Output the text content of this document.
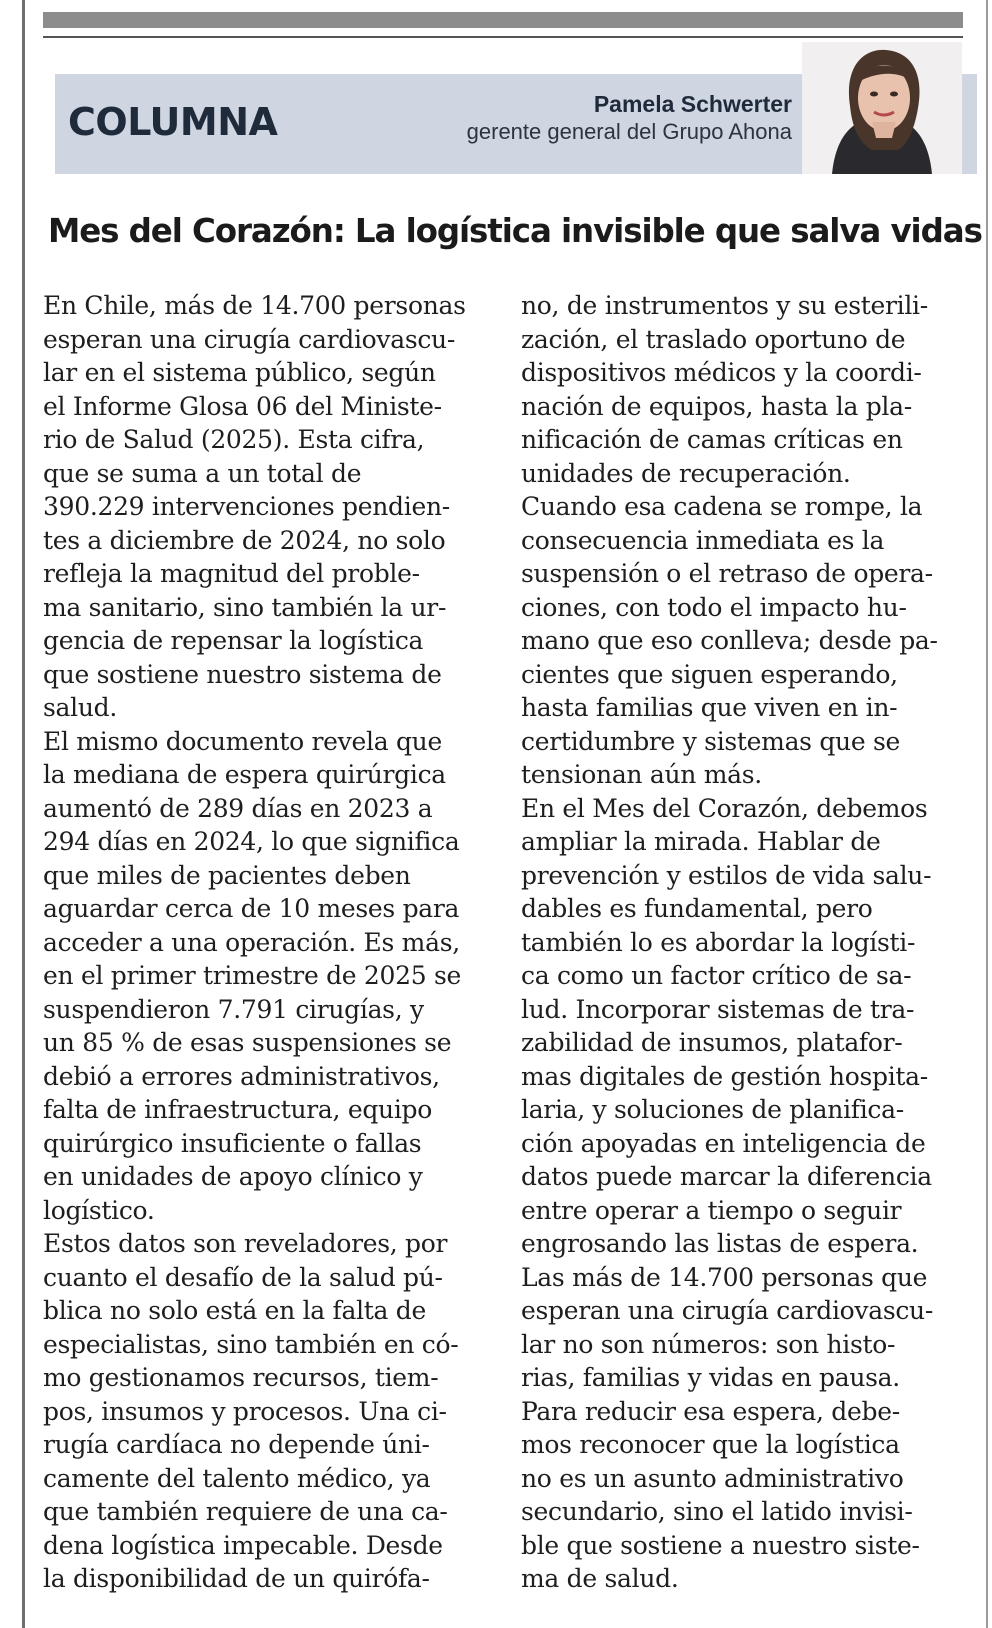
COLUMNA	Pamela Schwerter
gerente general del Grupo Ahona
Mes del Corazón: La logística invisible que salva vidas
En Chile, más de 14.700 personas
esperan una cirugía cardiovascu-
lar en el sistema público, según
el Informe Glosa 06 del Ministe-
rio de Salud (2025). Esta cifra,
que se suma a un total de
390.229 intervenciones pendien-
tes a diciembre de 2024, no solo
refleja la magnitud del proble-
ma sanitario, sino también la ur-
gencia de repensar la logística
que sostiene nuestro sistema de
salud.
El mismo documento revela que
la mediana de espera quirúrgica
aumentó de 289 días en 2023 a
294 días en 2024, lo que significa
que miles de pacientes deben
aguardar cerca de 10 meses para
acceder a una operación. Es más,
en el primer trimestre de 2025 se
suspendieron 7.791 cirugías, y
un 85 % de esas suspensiones se
debió a errores administrativos,
falta de infraestructura, equipo
quirúrgico insuficiente o fallas
en unidades de apoyo clínico y
logístico.
Estos datos son reveladores, por
cuanto el desafío de la salud pú-
blica no solo está en la falta de
especialistas, sino también en có-
mo gestionamos recursos, tiem-
pos, insumos y procesos. Una ci-
rugía cardíaca no depende úni-
camente del talento médico, ya
que también requiere de una ca-
dena logística impecable. Desde
la disponibilidad de un quirófa-
no, de instrumentos y su esterili-
zación, el traslado oportuno de
dispositivos médicos y la coordi-
nación de equipos, hasta la pla-
nificación de camas críticas en
unidades de recuperación.
Cuando esa cadena se rompe, la
consecuencia inmediata es la
suspensión o el retraso de opera-
ciones, con todo el impacto hu-
mano que eso conlleva; desde pa-
cientes que siguen esperando,
hasta familias que viven en in-
certidumbre y sistemas que se
tensionan aún más.
En el Mes del Corazón, debemos
ampliar la mirada. Hablar de
prevención y estilos de vida salu-
dables es fundamental, pero
también lo es abordar la logísti-
ca como un factor crítico de sa-
lud. Incorporar sistemas de tra-
zabilidad de insumos, platafor-
mas digitales de gestión hospita-
laria, y soluciones de planifica-
ción apoyadas en inteligencia de
datos puede marcar la diferencia
entre operar a tiempo o seguir
engrosando las listas de espera.
Las más de 14.700 personas que
esperan una cirugía cardiovascu-
lar no son números: son histo-
rias, familias y vidas en pausa.
Para reducir esa espera, debe-
mos reconocer que la logística
no es un asunto administrativo
secundario, sino el latido invisi-
ble que sostiene a nuestro siste-
ma de salud.
